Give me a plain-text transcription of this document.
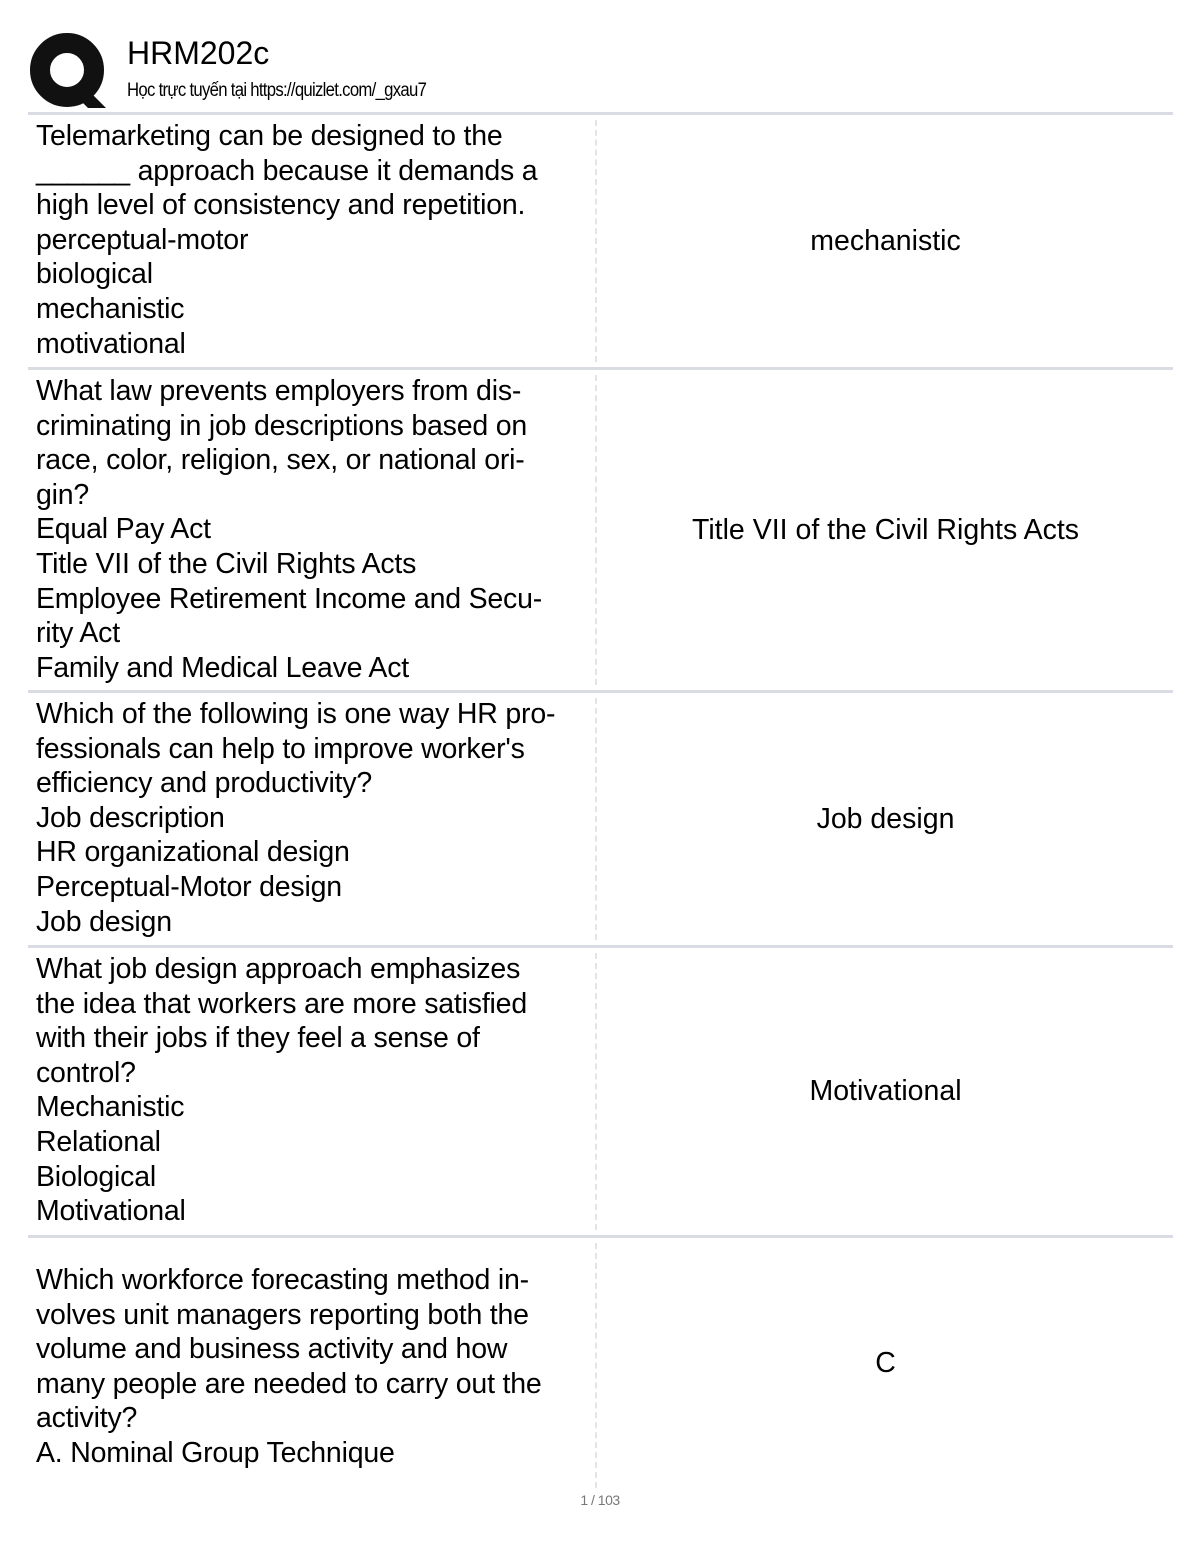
HRM202c
Học trực tuyến tại https://quizlet.com/_gxau7
Telemarketing can be designed to the
______ approach because it demands a
high level of consistency and repetition.
perceptual-motor
biological
mechanistic
motivational
mechanistic
What law prevents employers from dis-
criminating in job descriptions based on
race, color, religion, sex, or national ori-
gin?
Equal Pay Act
Title VII of the Civil Rights Acts
Employee Retirement Income and Secu-
rity Act
Family and Medical Leave Act
Title VII of the Civil Rights Acts
Which of the following is one way HR pro-
fessionals can help to improve worker's
efficiency and productivity?
Job description
HR organizational design
Perceptual-Motor design
Job design
Job design
What job design approach emphasizes
the idea that workers are more satisfied
with their jobs if they feel a sense of
control?
Mechanistic
Relational
Biological
Motivational
Motivational
Which workforce forecasting method in-
volves unit managers reporting both the
volume and business activity and how
many people are needed to carry out the
activity?
A. Nominal Group Technique
C
1 / 103
